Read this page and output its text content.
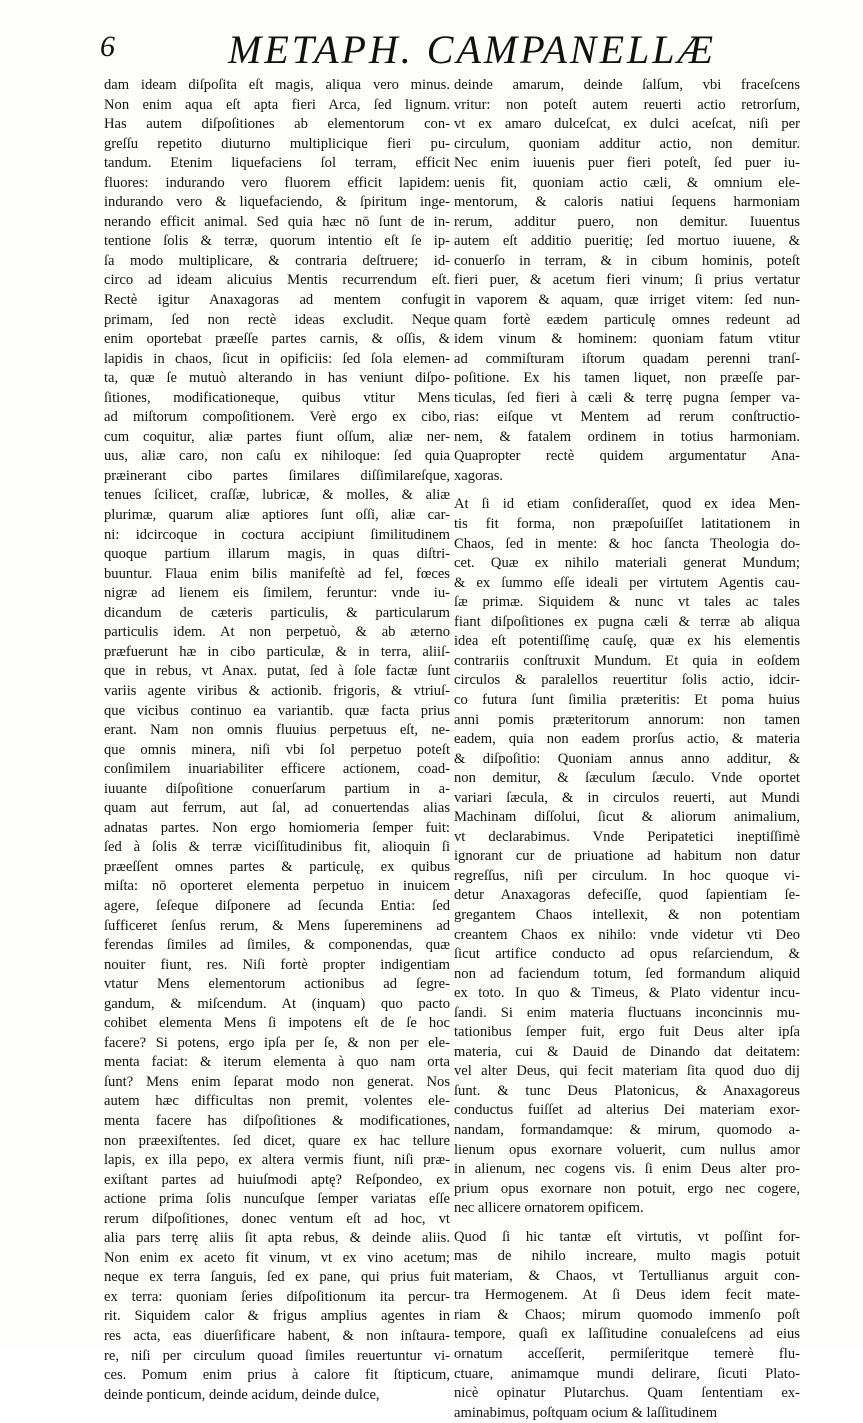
6	METAPH. CAMPANELLÆ
dam ideam diſpoſita eſt magis, aliqua vero minus.
Non enim aqua eſt apta fieri Arca, ſed lignum.
Has autem diſpoſitiones ab elementorum con-
greſſu repetito diuturno multiplicique fieri pu-
tandum. Etenim liquefaciens ſol terram, efficit
fluores: indurando vero fluorem efficit lapidem:
indurando vero & liquefaciendo, & ſpiritum inge-
nerando efficit animal. Sed quia hæc nō ſunt de in-
tentione ſolis & terræ, quorum intentio eſt ſe ip-
ſa modo multiplicare, & contraria deſtruere; id-
circo ad ideam alicuius Mentis recurrendum eſt.
Rectè igitur Anaxagoras ad mentem confugit
primam, ſed non rectè ideas excludit. Neque
enim oportebat præeſſe partes carnis, & oſſis, &
lapidis in chaos, ſicut in opificiis: ſed ſola elemen-
ta, quæ ſe mutuò alterando in has veniunt diſpo-
ſitiones, modificationeque, quibus vtitur Mens
ad miſtorum compoſitionem. Verè ergo ex cibo,
cum coquitur, aliæ partes fiunt oſſum, aliæ ner-
uus, aliæ caro, non caſu ex nihiloque: ſed quia
præinerant cibo partes ſimilares diſſimilareſque,
tenues ſcilicet, craſſæ, lubricæ, & molles, & aliæ
plurimæ, quarum aliæ aptiores ſunt oſſi, aliæ car-
ni: idcircoque in coctura accipiunt ſimilitudinem
quoque partium illarum magis, in quas diſtri-
buuntur. Flaua enim bilis manifeſtè ad fel, fœces
nigræ ad lienem eis ſimilem, feruntur: vnde iu-
dicandum de cæteris particulis, & particularum
particulis idem. At non perpetuò, & ab æterno
præfuerunt hæ in cibo particulæ, & in terra, aliiſ-
que in rebus, vt Anax. putat, ſed à ſole factæ ſunt
variis agente viribus & actionib. frigoris, & vtriuſ-
que vicibus continuo ea variantib. quæ facta prius
erant. Nam non omnis fluuius perpetuus eſt, ne-
que omnis minera, niſi vbi ſol perpetuo poteſt
conſimilem inuariabiliter efficere actionem, coad-
iuuante diſpoſitione conuerſarum partium in a-
quam aut ferrum, aut ſal, ad conuertendas alias
adnatas partes. Non ergo homiomeria ſemper fuit:
ſed à ſolis & terræ viciſſitudinibus fit, alioquin ſi
præeſſent omnes partes & particulę, ex quibus
miſta: nō oporteret elementa perpetuo in inuicem
agere, ſeſeque diſponere ad ſecunda Entia: ſed
ſufficeret ſenſus rerum, & Mens ſupereminens ad
ferendas ſimiles ad ſimiles, & componendas, quæ
nouiter fiunt, res. Niſi fortè propter indigentiam
vtatur Mens elementorum actionibus ad ſegre-
gandum, & miſcendum. At (inquam) quo pacto
cohibet elementa Mens ſi impotens eſt de ſe hoc
facere? Si potens, ergo ipſa per ſe, & non per ele-
menta faciat: & iterum elementa à quo nam orta
ſunt? Mens enim ſeparat modo non generat. Nos
autem hæc difficultas non premit, volentes ele-
menta facere has diſpoſitiones & modificationes,
non præexiſtentes. ſed dicet, quare ex hac tellure
lapis, ex illa pepo, ex altera vermis fiunt, niſi præ-
exiſtant partes ad huiuſmodi aptę? Reſpondeo, ex
actione prima ſolis nuncuſque ſemper variatas eſſe
rerum diſpoſitiones, donec ventum eſt ad hoc, vt
alia pars terrę aliis ſit apta rebus, & deinde aliis.
Non enim ex aceto fit vinum, vt ex vino acetum;
neque ex terra ſanguis, ſed ex pane, qui prius fuit
ex terra: quoniam ſeries diſpoſitionum ita percur-
rit. Siquidem calor & frigus amplius agentes in
res acta, eas diuerſificare habent, & non inſtaura-
re, niſi per circulum quoad ſimiles reuertuntur vi-
ces. Pomum enim prius à calore fit ſtipticum,
deinde ponticum, deinde acidum, deinde dulce,
deinde amarum, deinde ſalſum, vbi fraceſcens
vritur: non poteſt autem reuerti actio retrorſum,
vt ex amaro dulceſcat, ex dulci aceſcat, niſi per
circulum, quoniam additur actio, non demitur.
Nec enim iuuenis puer fieri poteſt, ſed puer iu-
uenis fit, quoniam actio cæli, & omnium ele-
mentorum, & caloris natiui ſequens harmoniam
rerum, additur puero, non demitur. Iuuentus
autem eſt additio pueritię; ſed mortuo iuuene, &
conuerſo in terram, & in cibum hominis, poteſt
fieri puer, & acetum fieri vinum; ſi prius vertatur
in vaporem & aquam, quæ irriget vitem: ſed nun-
quam fortè eædem particulę omnes redeunt ad
idem vinum & hominem: quoniam fatum vtitur
ad commiſturam iſtorum quadam perenni tranſ-
poſitione. Ex his tamen liquet, non præeſſe par-
ticulas, ſed fieri à cæli & terrę pugna ſemper va-
rias: eiſque vt Mentem ad rerum conſtructio-
nem, & fatalem ordinem in totius harmoniam.
Quapropter rectè quidem argumentatur Ana-
xagoras.
At ſi id etiam conſideraſſet, quod ex idea Men-
tis fit forma, non præpoſuiſſet latitationem in
Chaos, ſed in mente: & hoc ſancta Theologia do-
cet. Quæ ex nihilo materiali generat Mundum;
& ex ſummo eſſe ideali per virtutem Agentis cau-
ſæ primæ. Siquidem & nunc vt tales ac tales
fiant diſpoſitiones ex pugna cæli & terræ ab aliqua
idea eſt potentiſſimę cauſę, quæ ex his elementis
contrariis conſtruxit Mundum. Et quia in eoſdem
circulos & paralellos reuertitur ſolis actio, idcir-
co futura ſunt ſimilia præteritis: Et poma huius
anni pomis præteritorum annorum: non tamen
eadem, quia non eadem prorſus actio, & materia
& diſpoſitio: Quoniam annus anno additur, &
non demitur, & ſæculum ſæculo. Vnde oportet
variari ſæcula, & in circulos reuerti, aut Mundi
Machinam diſſolui, ſicut & aliorum animalium,
vt declarabimus. Vnde Peripatetici ineptiſſimè
ignorant cur de priuatione ad habitum non datur
regreſſus, niſi per circulum. In hoc quoque vi-
detur Anaxagoras defeciſſe, quod ſapientiam ſe-
gregantem Chaos intellexit, & non potentiam
creantem Chaos ex nihilo: vnde videtur vti Deo
ſicut artifice conducto ad opus reſarciendum, &
non ad faciendum totum, ſed formandum aliquid
ex toto. In quo & Timeus, & Plato videntur incu-
ſandi. Si enim materia fluctuans inconcinnis mu-
tationibus ſemper fuit, ergo fuit Deus alter ipſa
materia, cui & Dauid de Dinando dat deitatem:
vel alter Deus, qui fecit materiam ſita quod duo dij
ſunt. & tunc Deus Platonicus, & Anaxagoreus
conductus fuiſſet ad alterius Dei materiam exor-
nandam, formandamque: & mirum, quomodo a-
lienum opus exornare voluerit, cum nullus amor
in alienum, nec cogens vis. ſi enim Deus alter pro-
prium opus exornare non potuit, ergo nec cogere,
nec allicere ornatorem opificem.
Quod ſi hic tantæ eſt virtutis, vt poſſint for-
mas de nihilo increare, multo magis potuit
materiam, & Chaos, vt Tertullianus arguit con-
tra Hermogenem. At ſi Deus idem fecit mate-
riam & Chaos; mirum quomodo immenſo poſt
tempore, quaſi ex laſſitudine conualeſcens ad eius
ornatum acceſſerit, permiſeritque temerè flu-
ctuare, animamque mundi delirare, ſicuti Plato-
nicè opinatur Plutarchus. Quam ſententiam ex-
aminabimus, poſtquam ocium & laſſitudinem
